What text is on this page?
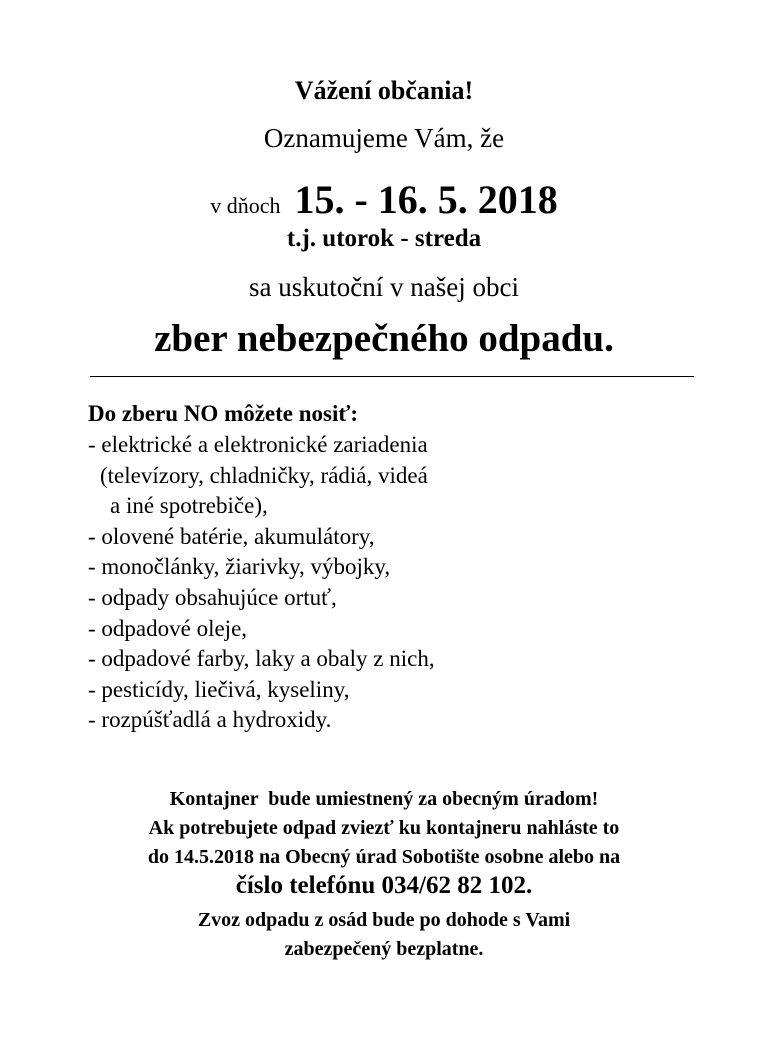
Vážení občania!
Oznamujeme Vám, že
v dňoch 15. - 16. 5. 2018
t.j. utorok - streda
sa uskutoční v našej obci
zber nebezpečného odpadu.
Do zberu NO môžete nosiť:
- elektrické a elektronické zariadenia
(televízory, chladničky, rádiá, videá
a iné spotrebiče),
- olovené batérie, akumulátory,
- monočlánky, žiarivky, výbojky,
- odpady obsahujúce ortuť,
- odpadové oleje,
- odpadové farby, laky a obaly z nich,
- pesticídy, liečivá, kyseliny,
- rozpúšťadlá a hydroxidy.
Kontajner  bude umiestnený za obecným úradom!
Ak potrebujete odpad zviezť ku kontajneru nahláste to
do 14.5.2018 na Obecný úrad Sobotište osobne alebo na
číslo telefónu 034/62 82 102.
Zvoz odpadu z osád bude po dohode s Vami
zabezpečený bezplatne.
